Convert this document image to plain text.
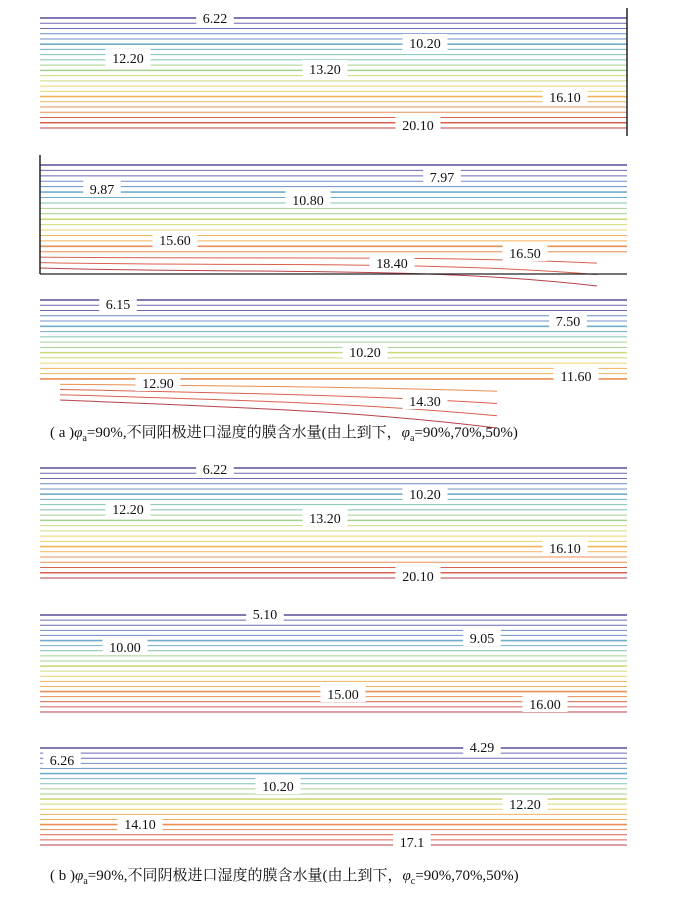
6.22
10.20
12.20
13.20
16.10
20.10
7.97
9.87
10.80
15.60
16.50
18.40
6.15
7.50
10.20
12.90	11.60
14.30
6.22
10.20
12.20
13.20
16.10
20.10
5.10
9.05
10.00
15.00
16.00
4.29
6.26
10.20
12.20
14.10
17.1
( a )$\varphi_a=90\%$,不同阳极进口湿度的膜含水量(由上到下，$\varphi_a=90\%,70\%,50\%$)
( b )$\varphi_a=90\%$,不同阴极进口湿度的膜含水量(由上到下，$\varphi_c=90\%,70\%,50\%$)
